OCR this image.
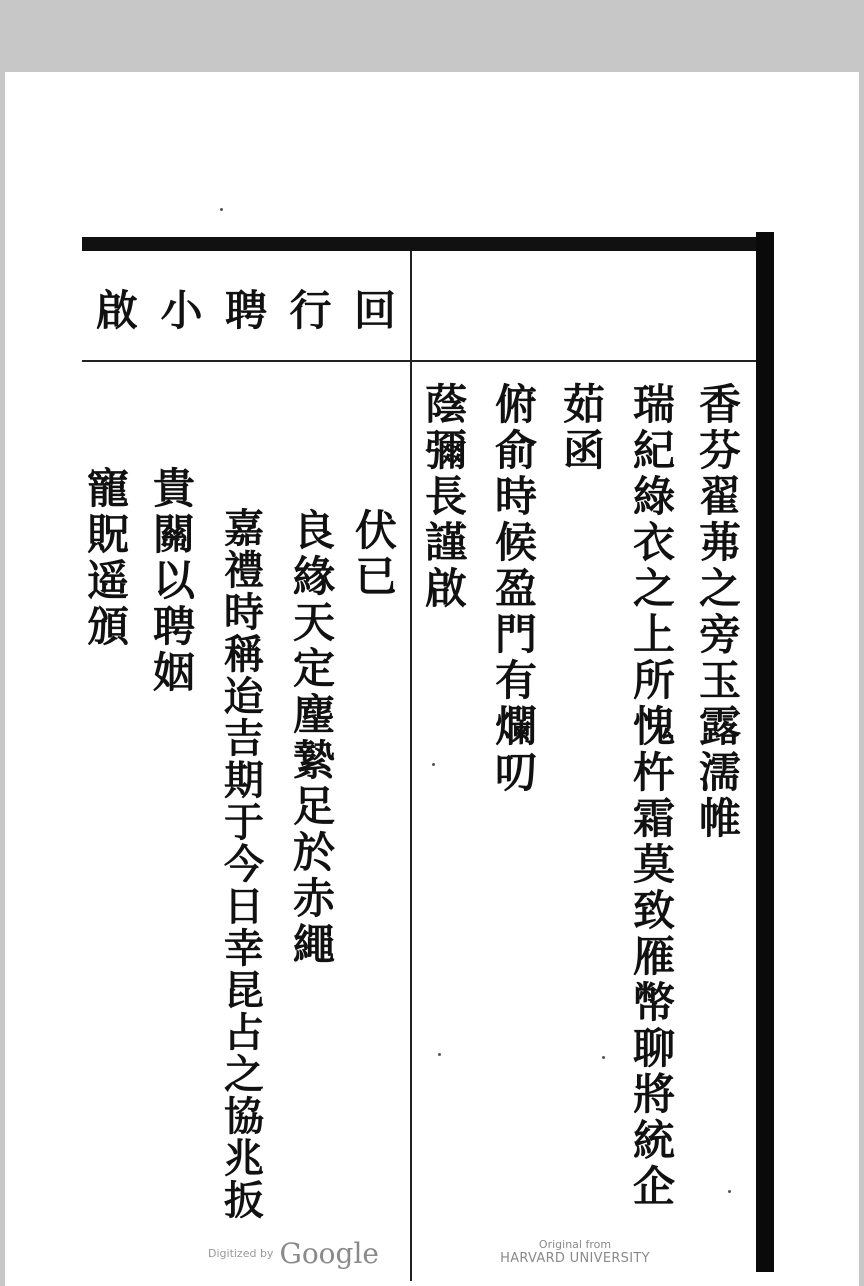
回
行
聘
小
啟
香
芬
翟
茀
之
旁
玉
露
濡
帷
瑞
紀
綠
衣
之
上
所
愧
杵
霜
莫
致
雁
幣
聊
將
統
企
茹
函
俯
俞
時
候
盈
門
有
爛
叨
蔭
彌
長
謹
啟
伏
已
良
緣
天
定
麈
縶
足
於
赤
繩
嘉
禮
時
稱
迨
吉
期
于
今
日
幸
昆
占
之
協
兆
扳
貴
關
以
聘
姻
寵
貺
遥
頒
Digitized by Google	Original from
HARVARD UNIVERSITY
